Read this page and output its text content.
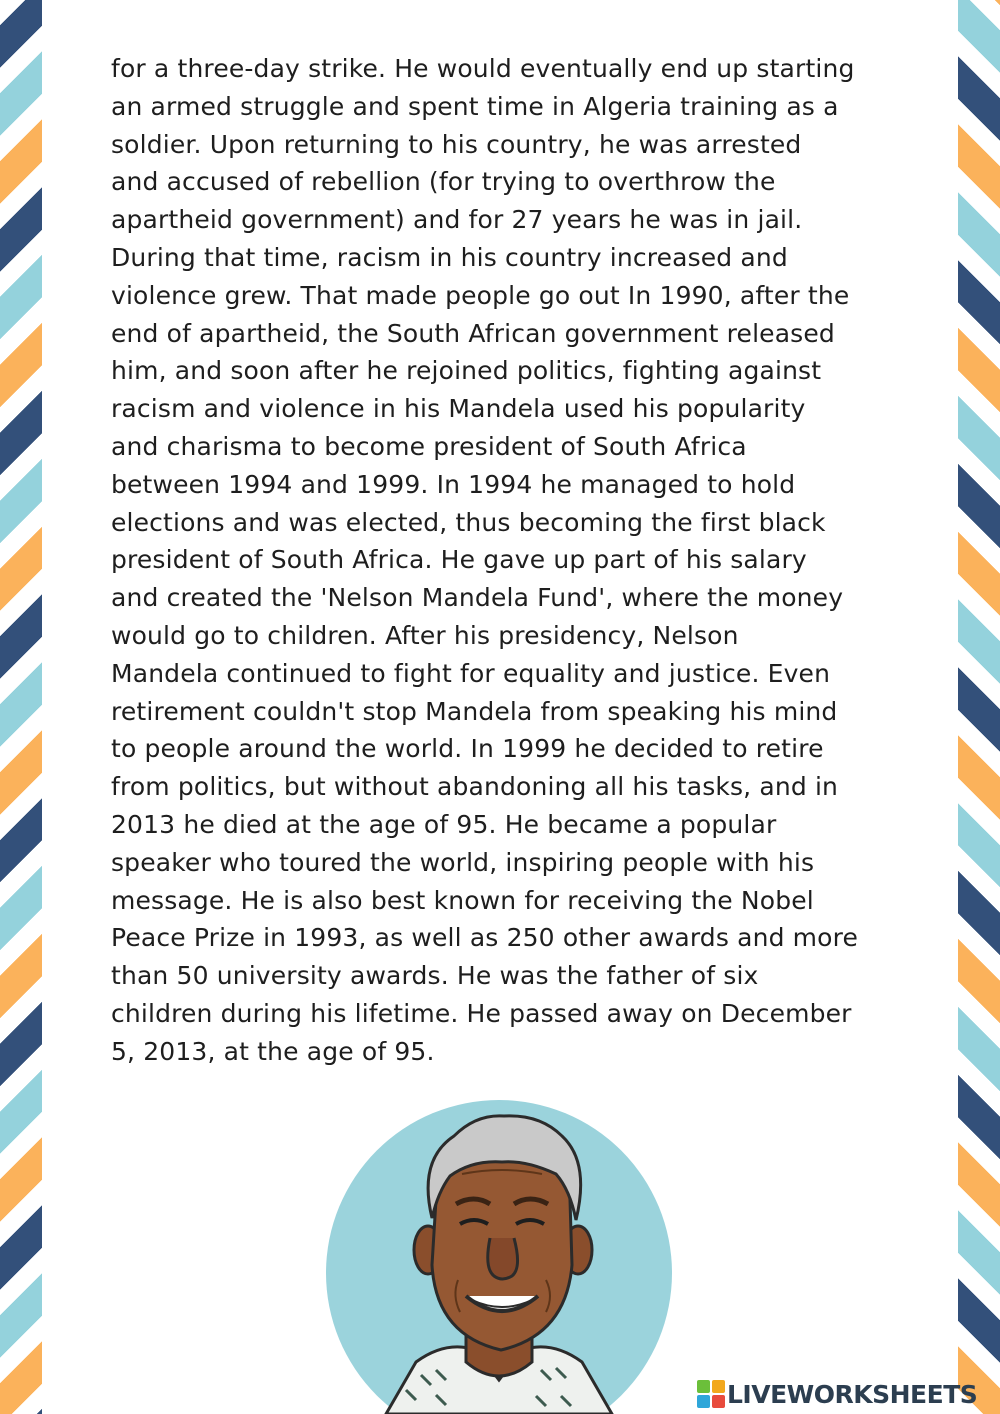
for a three-day strike. He would eventually end up starting
an armed struggle and spent time in Algeria training as a
soldier. Upon returning to his country, he was arrested
and accused of rebellion (for trying to overthrow the
apartheid government) and for 27 years he was in jail.
During that time, racism in his country increased and
violence grew. That made people go out In 1990, after the
end of apartheid, the South African government released
him, and soon after he rejoined politics, fighting against
racism and violence in his Mandela used his popularity
and charisma to become president of South Africa
between 1994 and 1999. In 1994 he managed to hold
elections and was elected, thus becoming the first black
president of South Africa. He gave up part of his salary
and created the 'Nelson Mandela Fund', where the money
would go to children. After his presidency, Nelson
Mandela continued to fight for equality and justice. Even
retirement couldn't stop Mandela from speaking his mind
to people around the world. In 1999 he decided to retire
from politics, but without abandoning all his tasks, and in
2013 he died at the age of 95. He became a popular
speaker who toured the world, inspiring people with his
message. He is also best known for receiving the Nobel
Peace Prize in 1993, as well as 250 other awards and more
than 50 university awards. He was the father of six
children during his lifetime. He passed away on December
5, 2013, at the age of 95.

LIVEWORKSHEETS
